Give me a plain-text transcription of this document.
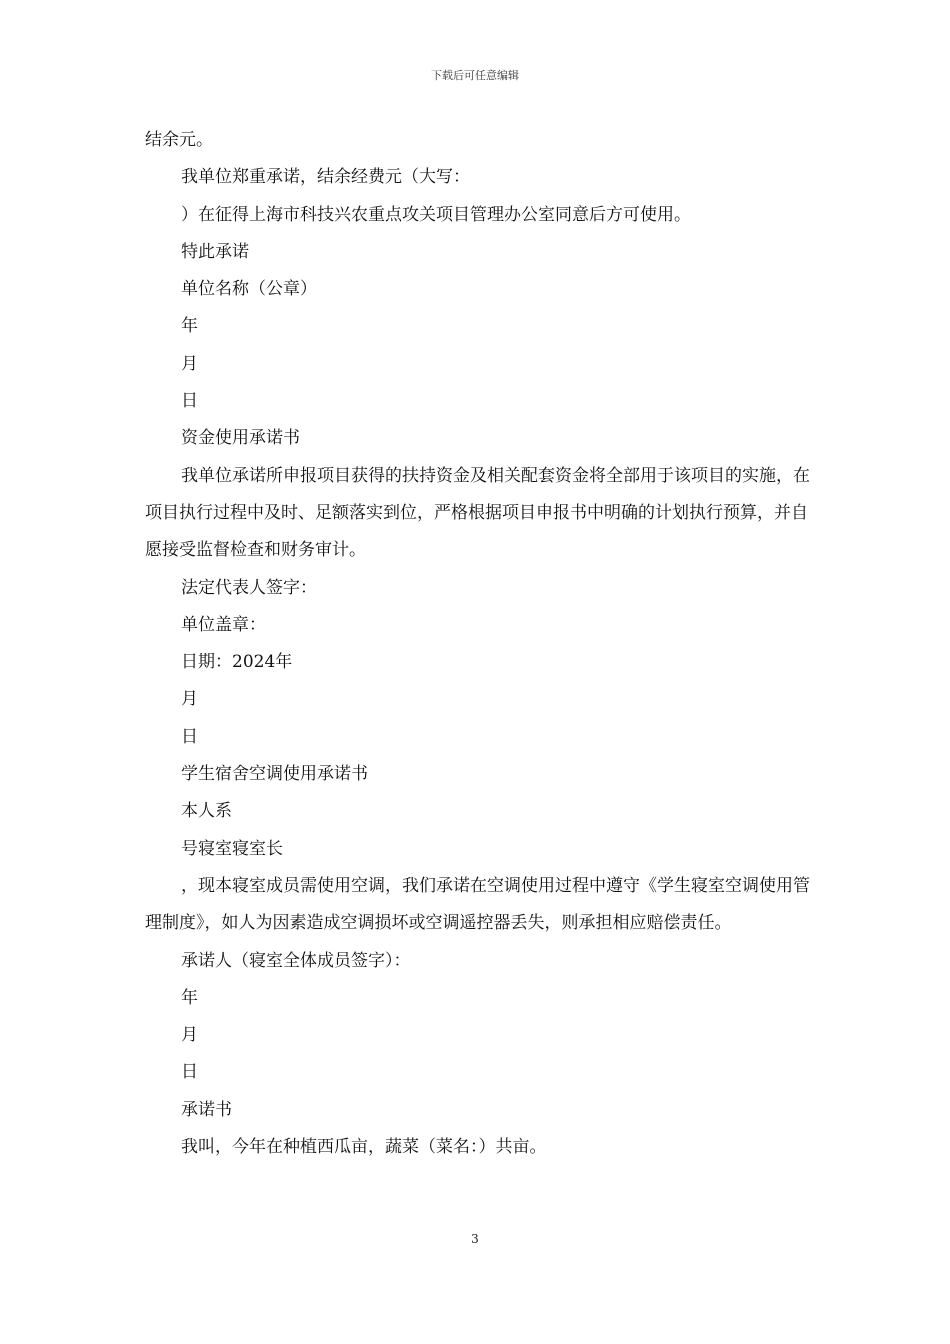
下载后可任意编辑

结余元。

我单位郑重承诺，结余经费元（大写：

）在征得上海市科技兴农重点攻关项目管理办公室同意后方可使用。

特此承诺

单位名称（公章）

年

月

日

资金使用承诺书

我单位承诺所申报项目获得的扶持资金及相关配套资金将全部用于该项目的实施，在项目执行过程中及时、足额落实到位，严格根据项目申报书中明确的计划执行预算，并自愿接受监督检查和财务审计。

法定代表人签字：

单位盖章：

日期：2024年

月

日

学生宿舍空调使用承诺书

本人系

号寝室寝室长

，现本寝室成员需使用空调，我们承诺在空调使用过程中遵守《学生寝室空调使用管理制度》，如人为因素造成空调损坏或空调遥控器丢失，则承担相应赔偿责任。

承诺人（寝室全体成员签字）：

年

月

日

承诺书

我叫，今年在种植西瓜亩，蔬菜（菜名：）共亩。

3
